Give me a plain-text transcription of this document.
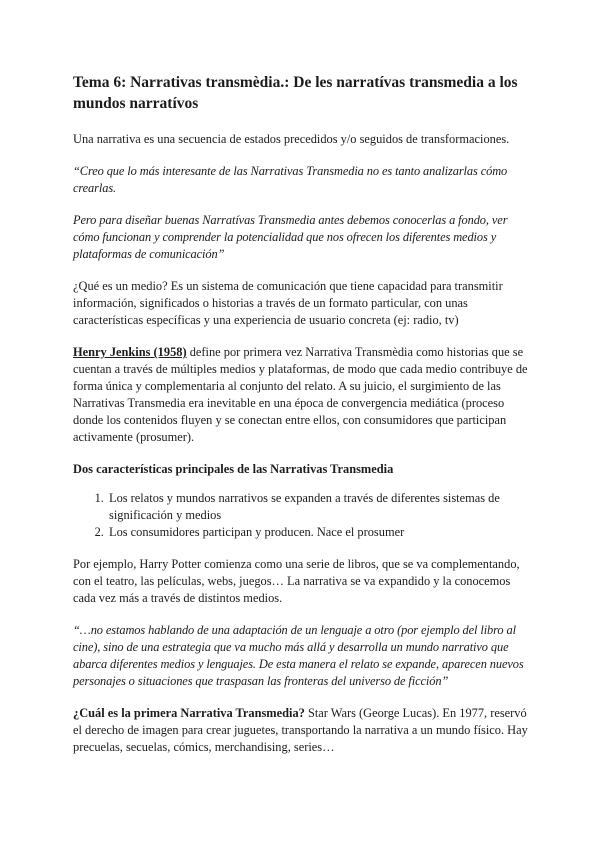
Tema 6: Narrativas transmèdia.: De les narratívas transmedia a los mundos narratívos

Una narrativa es una secuencia de estados precedidos y/o seguidos de transformaciones.

“Creo que lo más interesante de las Narrativas Transmedia no es tanto analizarlas cómo crearlas.

Pero para diseñar buenas Narratívas Transmedia antes debemos conocerlas a fondo, ver cómo funcionan y comprender la potencialidad que nos ofrecen los diferentes medios y plataformas de comunicación”

¿Qué es un medio? Es un sistema de comunicación que tiene capacidad para transmitir información, significados o historias a través de un formato particular, con unas características específicas y una experiencia de usuario concreta (ej: radio, tv)

Henry Jenkins (1958) define por primera vez Narrativa Transmèdia como historias que se cuentan a través de múltiples medios y plataformas, de modo que cada medio contribuye de forma única y complementaria al conjunto del relato. A su juicio, el surgimiento de las Narrativas Transmedia era inevitable en una época de convergencia mediática (proceso donde los contenidos fluyen y se conectan entre ellos, con consumidores que participan activamente (prosumer).

Dos características principales de las Narrativas Transmedia
1. Los relatos y mundos narrativos se expanden a través de diferentes sistemas de significación y medios
2. Los consumidores participan y producen. Nace el prosumer

Por ejemplo, Harry Potter comienza como una serie de libros, que se va complementando, con el teatro, las películas, webs, juegos… La narrativa se va expandido y la conocemos cada vez más a través de distintos medios.

“…no estamos hablando de una adaptación de un lenguaje a otro (por ejemplo del libro al cine), sino de una estrategia que va mucho más allá y desarrolla un mundo narrativo que abarca diferentes medios y lenguajes. De esta manera el relato se expande, aparecen nuevos personajes o situaciones que traspasan las fronteras del universo de ficción”

¿Cuál es la primera Narrativa Transmedia? Star Wars (George Lucas). En 1977, reservó el derecho de imagen para crear juguetes, transportando la narrativa a un mundo físico. Hay precuelas, secuelas, cómics, merchandising, series…
